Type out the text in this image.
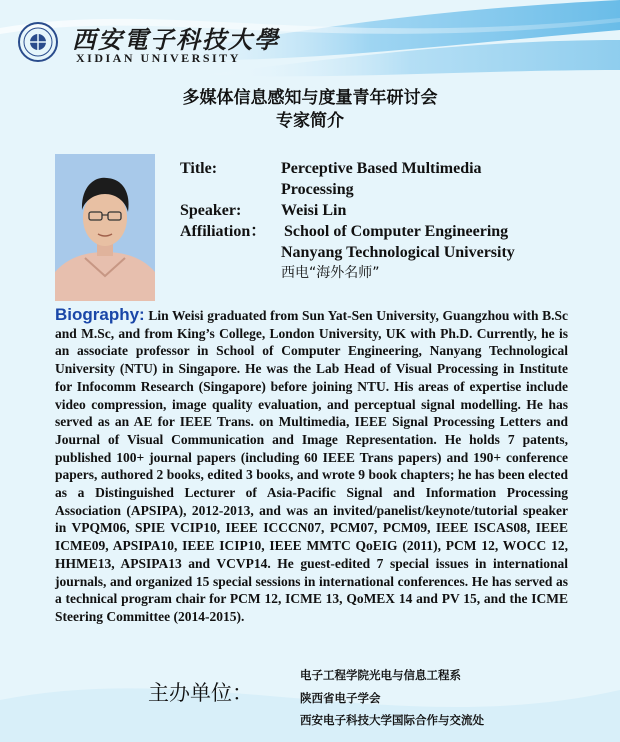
西安電子科技大學
XIDIAN UNIVERSITY
多媒体信息感知与度量青年研讨会
专家简介
Title:	Perceptive Based Multimedia
Processing
Speaker: Weisi Lin
Affiliation： School of Computer Engineering
Nanyang Technological University
西电“海外名师”
Biography: Lin Weisi graduated from Sun Yat-Sen University, Guangzhou with B.Sc and M.Sc, and from King’s College, London University, UK with Ph.D. Currently, he is an associate professor in School of Computer Engineering, Nanyang Technological University (NTU) in Singapore. He was the Lab Head of Visual Processing in Institute for Infocomm Research (Singapore) before joining NTU. His areas of expertise include video compression, image quality evaluation, and perceptual signal modelling. He has served as an AE for IEEE Trans. on Multimedia, IEEE Signal Processing Letters and Journal of Visual Communication and Image Representation. He holds 7 patents, published 100+ journal papers (including 60 IEEE Trans papers) and 190+ conference papers, authored 2 books, edited 3 books, and wrote 9 book chapters; he has been elected as a Distinguished Lecturer of Asia-Pacific Signal and Information Processing Association (APSIPA), 2012-2013, and was an invited/panelist/keynote/tutorial speaker in VPQM06, SPIE VCIP10, IEEE ICCCN07, PCM07, PCM09, IEEE ISCAS08, IEEE ICME09, APSIPA10, IEEE ICIP10, IEEE MMTC QoEIG (2011), PCM 12, WOCC 12, HHME13, APSIPA13 and VCVP14. He guest-edited 7 special issues in international journals, and organized 15 special sessions in international conferences. He has served as a technical program chair for PCM 12, ICME 13, QoMEX 14 and PV 15, and the ICME Steering Committee (2014-2015).
主办单位：
电子工程学院光电与信息工程系
陕西省电子学会
西安电子科技大学国际合作与交流处
